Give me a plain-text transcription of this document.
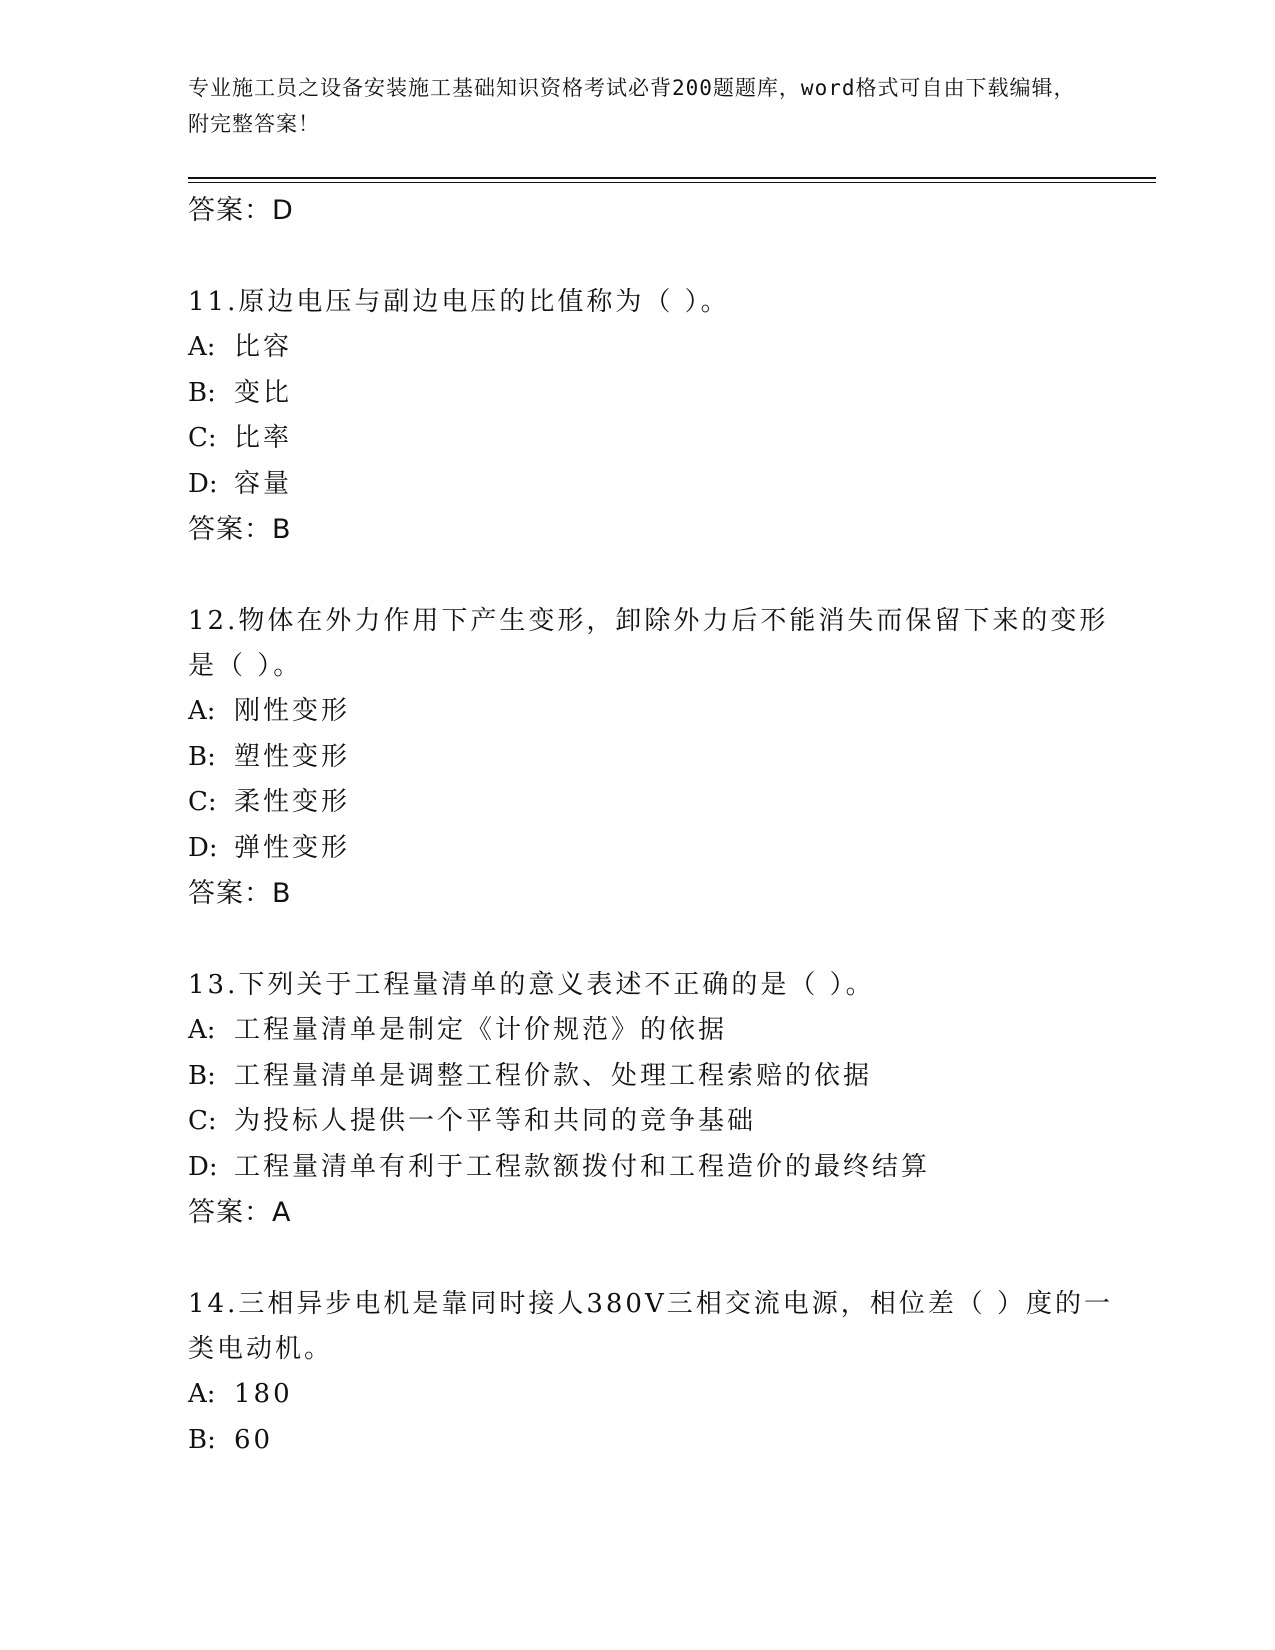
专业施工员之设备安装施工基础知识资格考试必背200题题库，word格式可自由下载编辑，附完整答案！
答案：D
11.原边电压与副边电压的比值称为（ ）。
A: 比容
B: 变比
C: 比率
D: 容量
答案：B
12.物体在外力作用下产生变形，卸除外力后不能消失而保留下来的变形是（ ）。
A: 刚性变形
B: 塑性变形
C: 柔性变形
D: 弹性变形
答案：B
13.下列关于工程量清单的意义表述不正确的是（ ）。
A: 工程量清单是制定《计价规范》的依据
B: 工程量清单是调整工程价款、处理工程索赔的依据
C: 为投标人提供一个平等和共同的竞争基础
D: 工程量清单有利于工程款额拨付和工程造价的最终结算
答案：A
14.三相异步电机是靠同时接人380V三相交流电源，相位差（ ）度的一类电动机。
A: 180
B: 60
